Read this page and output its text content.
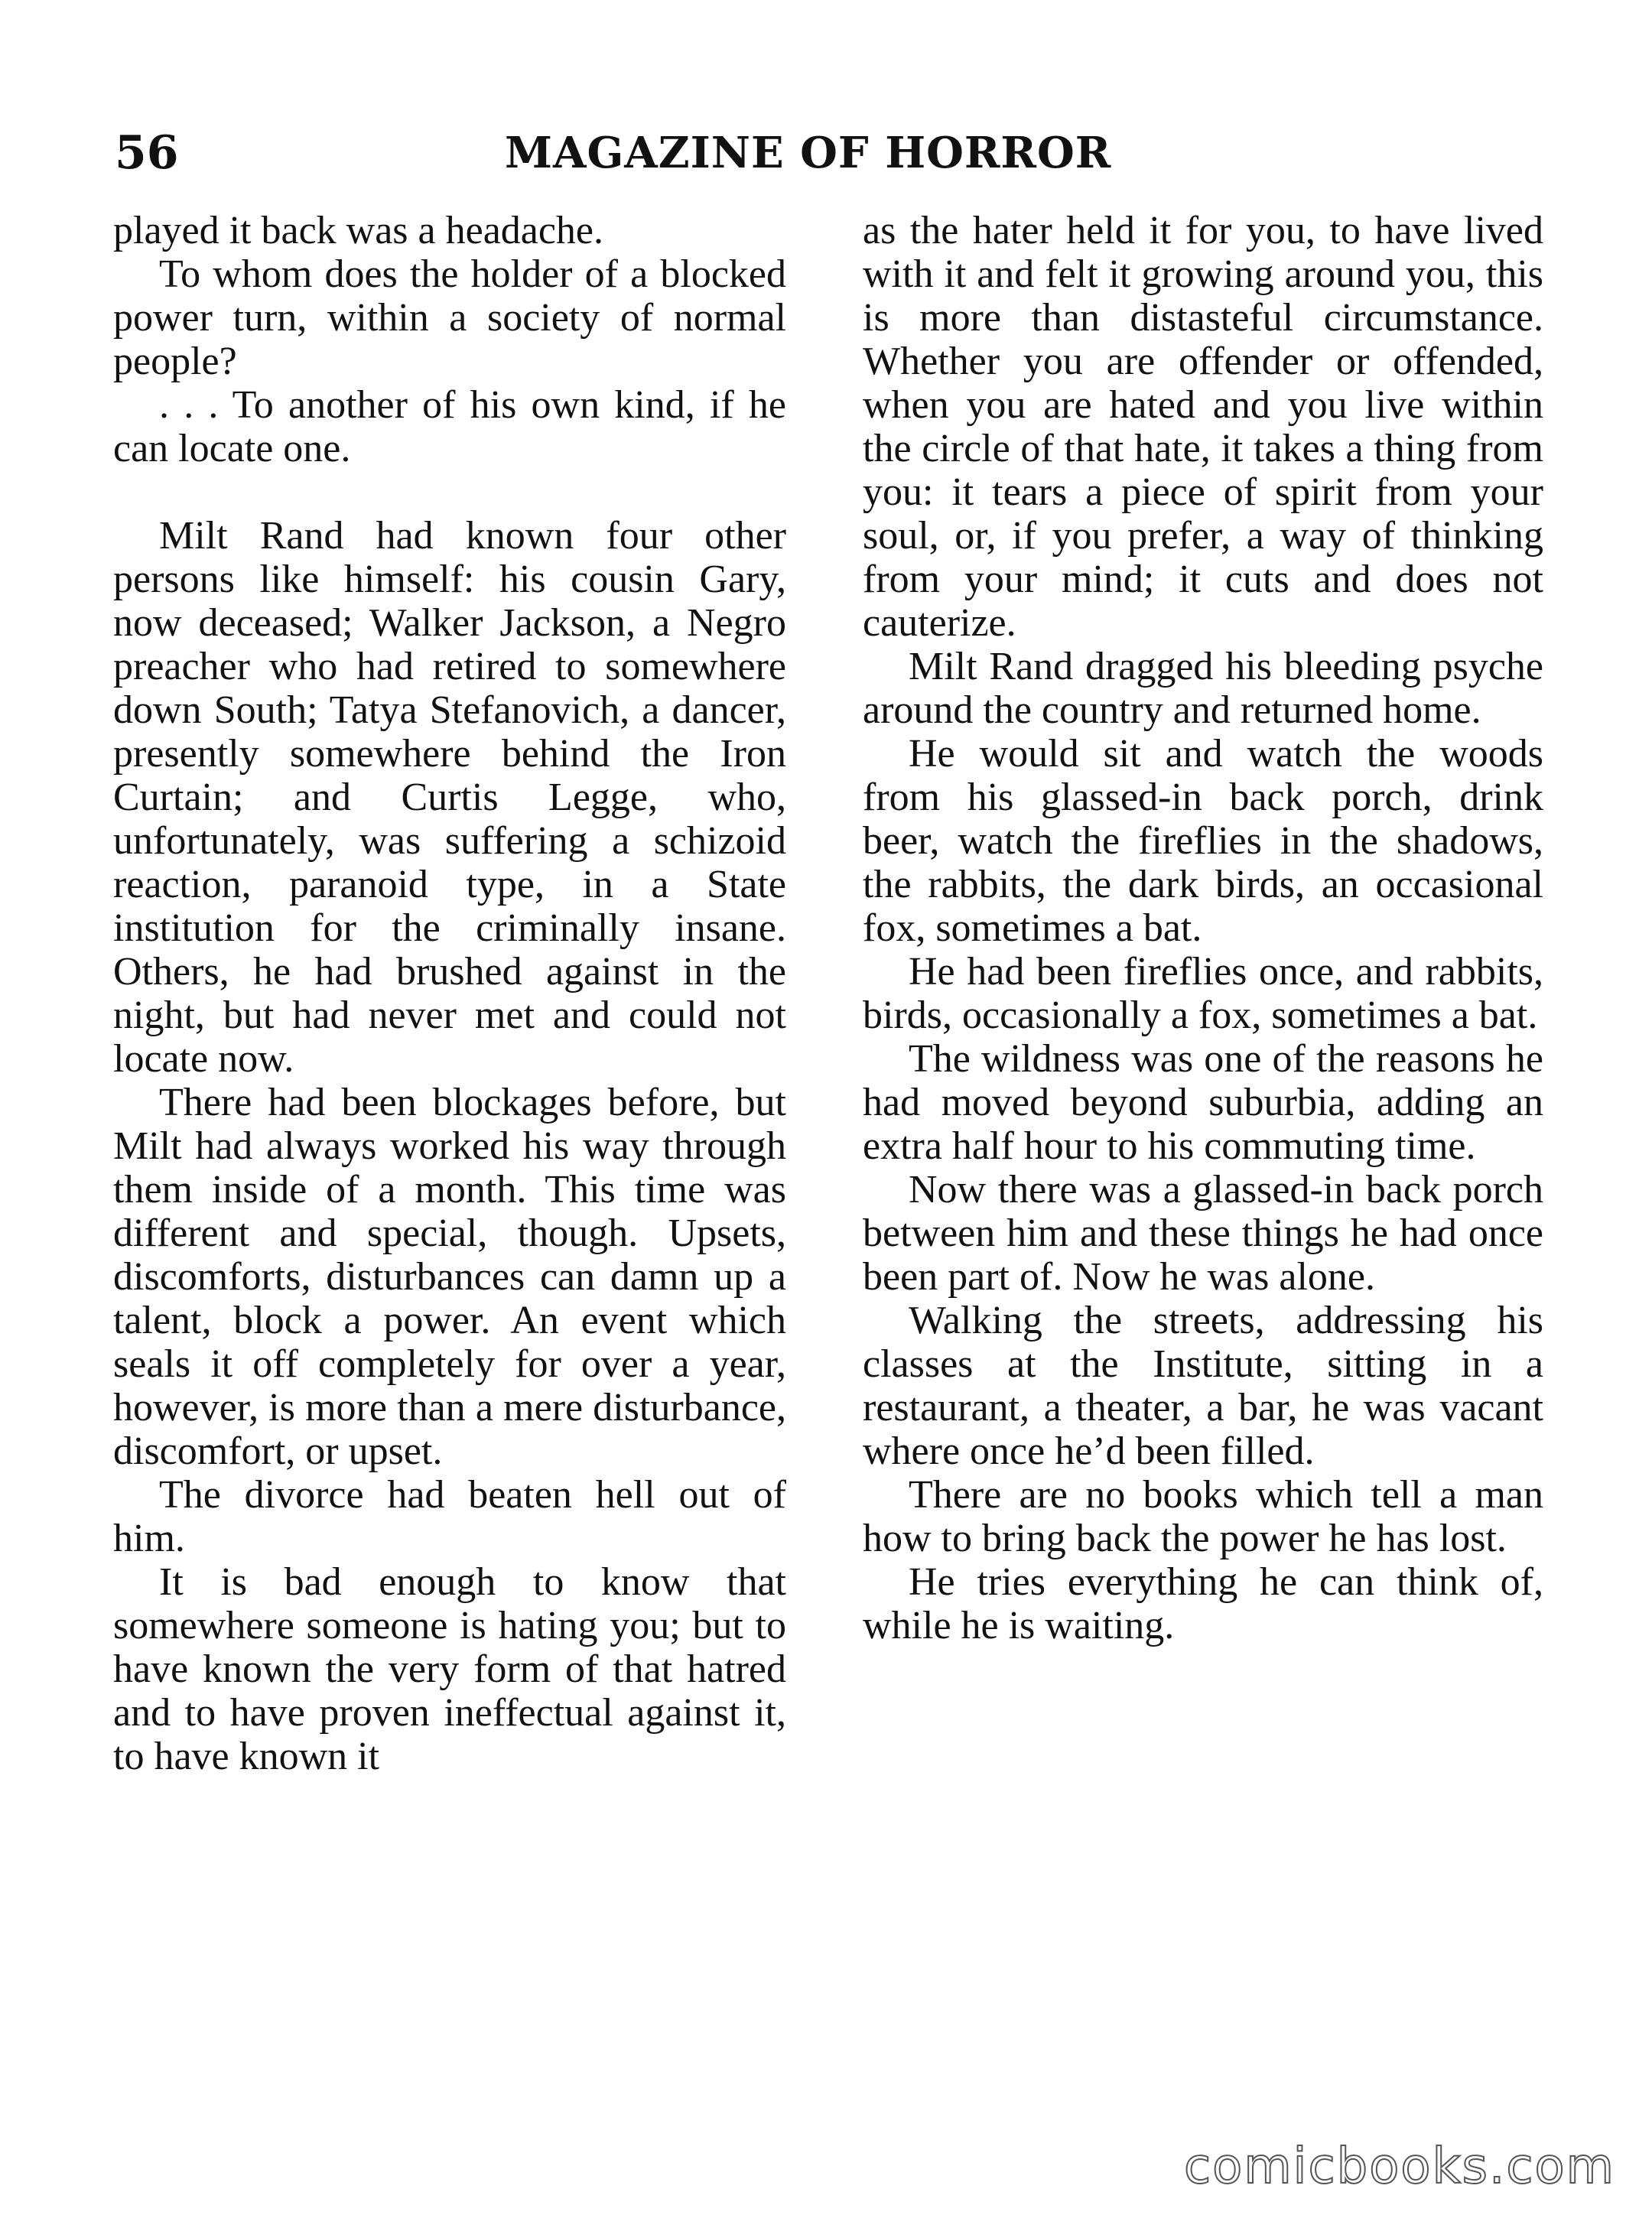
56	MAGAZINE OF HORROR

played it back was a headache.

To whom does the holder of a blocked power turn, within a society of normal people?

. . . To another of his own kind, if he can locate one.

Milt Rand had known four other persons like himself: his cousin Gary, now deceased; Walker Jackson, a Negro preacher who had retired to somewhere down South; Tatya Stefanovich, a dancer, presently somewhere behind the Iron Curtain; and Curtis Legge, who, unfortunately, was suffering a schizoid reaction, paranoid type, in a State institution for the criminally insane. Others, he had brushed against in the night, but had never met and could not locate now.

There had been blockages before, but Milt had always worked his way through them inside of a month. This time was different and special, though. Upsets, discomforts, disturbances can damn up a talent, block a power. An event which seals it off completely for over a year, however, is more than a mere disturbance, discomfort, or upset.

The divorce had beaten hell out of him.

It is bad enough to know that somewhere someone is hating you; but to have known the very form of that hatred and to have proven ineffectual against it, to have known it

as the hater held it for you, to have lived with it and felt it growing around you, this is more than distasteful circumstance. Whether you are offender or offended, when you are hated and you live within the circle of that hate, it takes a thing from you: it tears a piece of spirit from your soul, or, if you prefer, a way of thinking from your mind; it cuts and does not cauterize.

Milt Rand dragged his bleeding psyche around the country and returned home.

He would sit and watch the woods from his glassed-in back porch, drink beer, watch the fireflies in the shadows, the rabbits, the dark birds, an occasional fox, sometimes a bat.

He had been fireflies once, and rabbits, birds, occasionally a fox, sometimes a bat.

The wildness was one of the reasons he had moved beyond suburbia, adding an extra half hour to his commuting time.

Now there was a glassed-in back porch between him and these things he had once been part of. Now he was alone.

Walking the streets, addressing his classes at the Institute, sitting in a restaurant, a theater, a bar, he was vacant where once he’d been filled.

There are no books which tell a man how to bring back the power he has lost.

He tries everything he can think of, while he is waiting.

comicbooks.com
